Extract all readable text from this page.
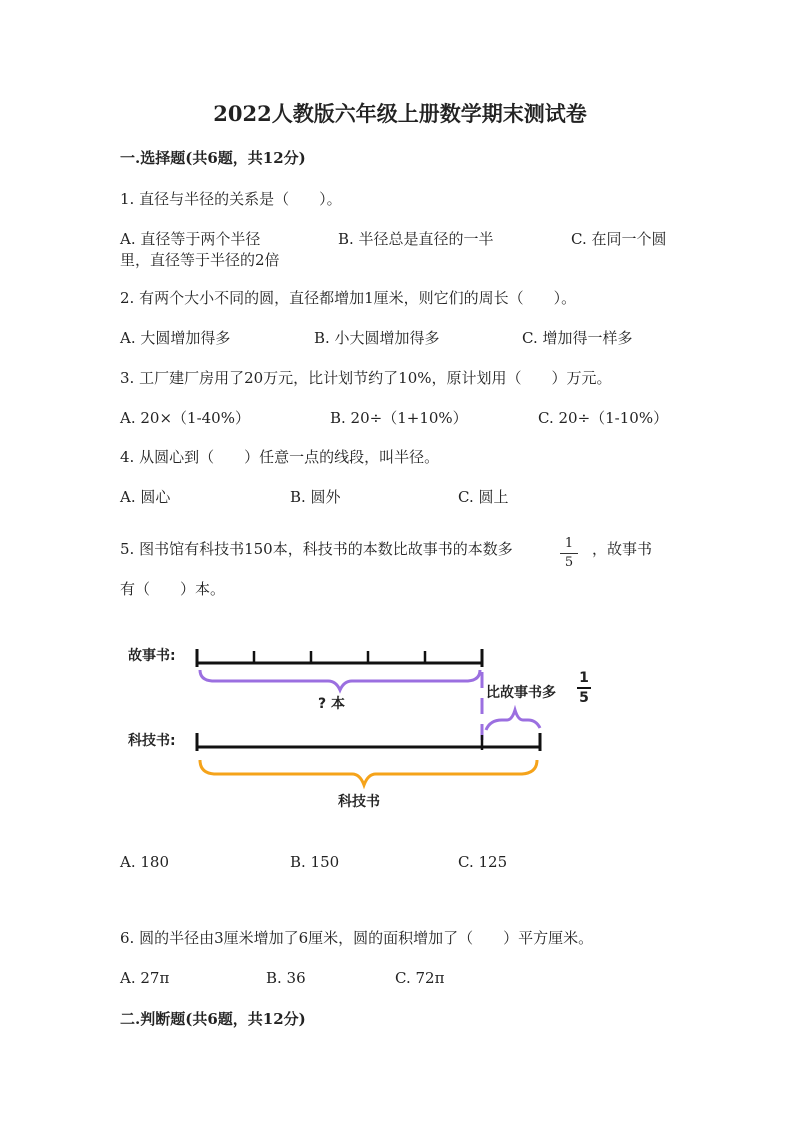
2022人教版六年级上册数学期末测试卷
一.选择题(共6题，共12分)
1. 直径与半径的关系是（　　）。
A. 直径等于两个半径	B. 半径总是直径的一半	C. 在同一个圆
里，直径等于半径的2倍
2. 有两个大小不同的圆，直径都增加1厘米，则它们的周长（　　）。
A. 大圆增加得多	B. 小大圆增加得多	C. 增加得一样多
3. 工厂建厂房用了20万元，比计划节约了10%，原计划用（　　）万元。
A. 20×（1-40%）	B. 20÷（1+10%）	C. 20÷（1-10%）
4. 从圆心到（　　）任意一点的线段，叫半径。
A. 圆心	B. 圆外	C. 圆上
5. 图书馆有科技书150本，科技书的本数比故事书的本数多	1
5
，故事书
有（　　）本。
故事书:
? 本
比故事书多
1
5
科技书:
科技书
A. 180	B. 150	C. 125
6. 圆的半径由3厘米增加了6厘米，圆的面积增加了（　　）平方厘米。
A. 27π	B. 36	C. 72π
二.判断题(共6题，共12分)
